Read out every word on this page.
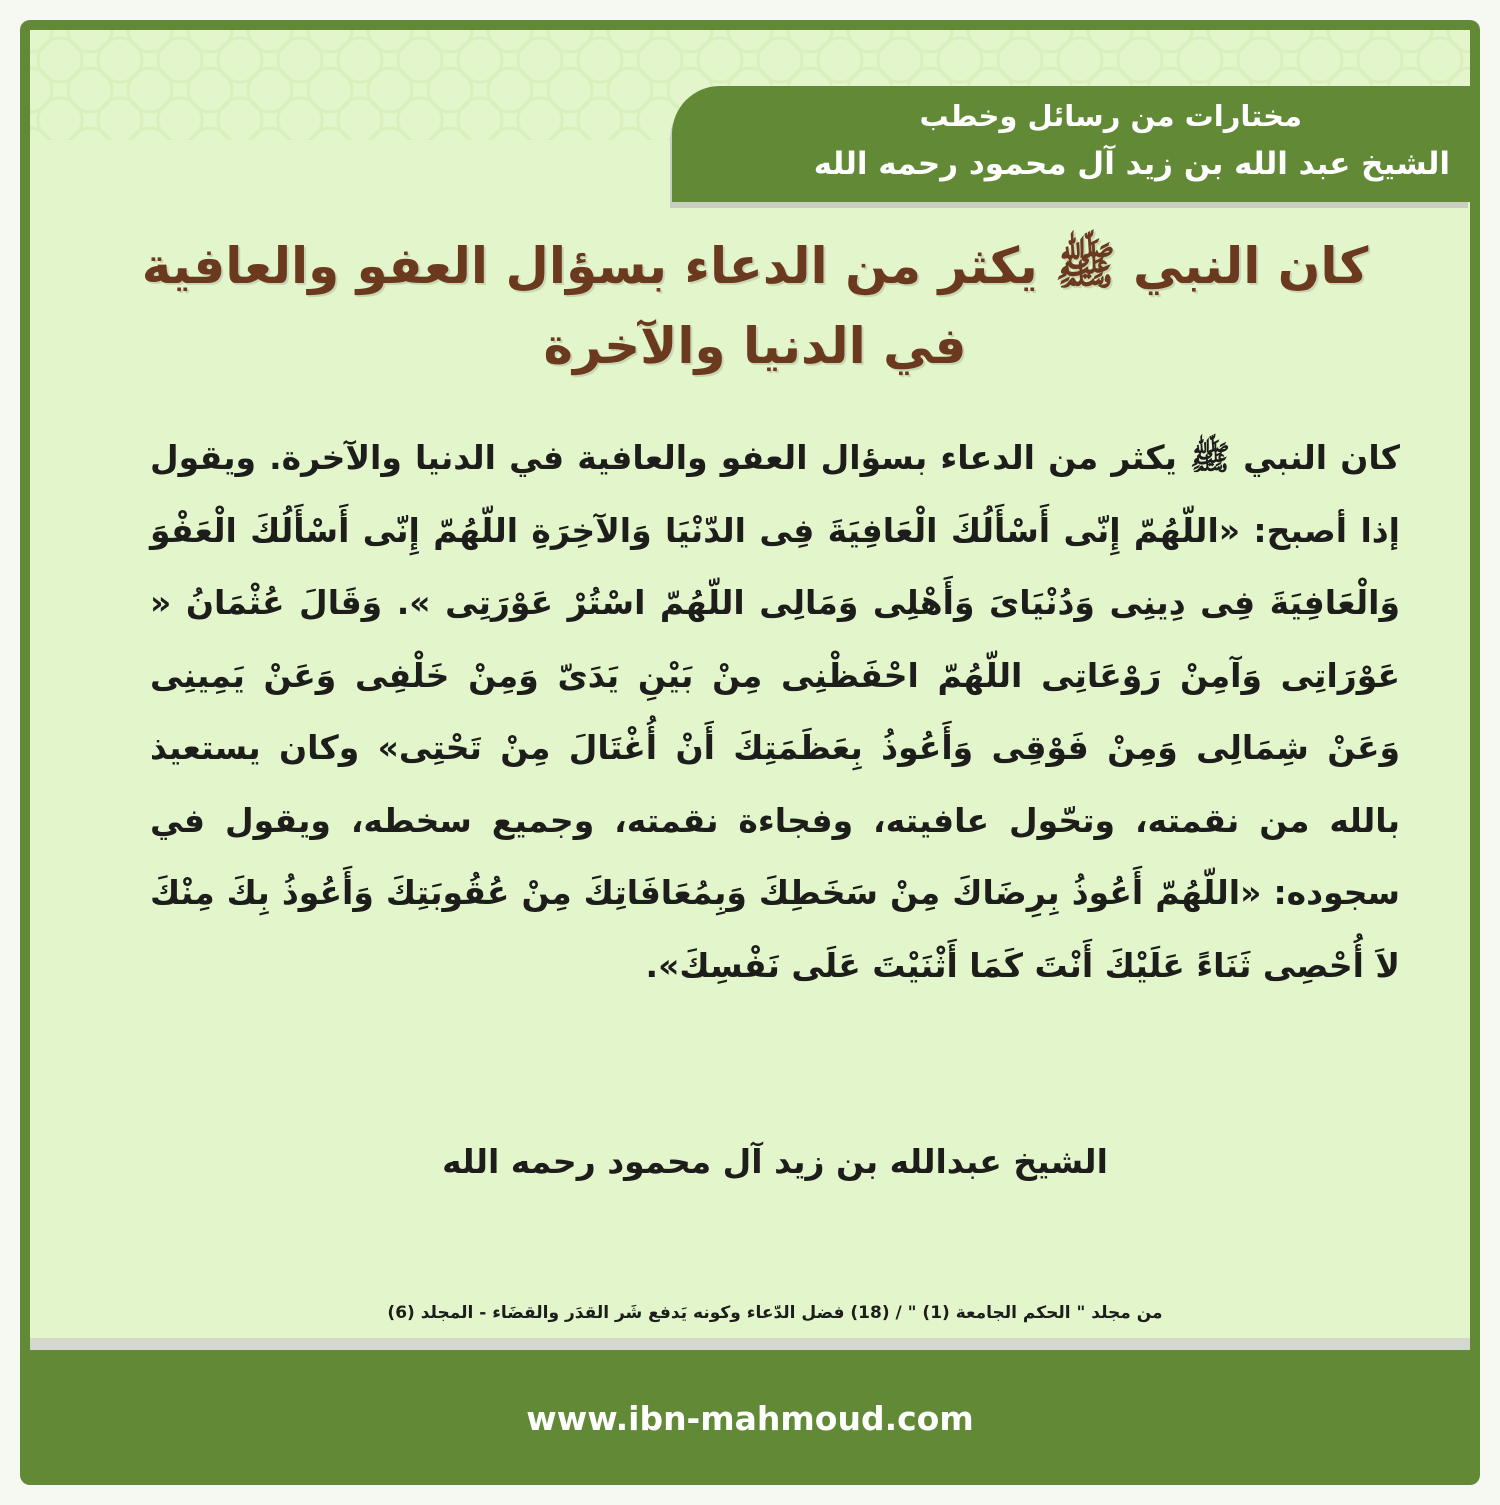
مختارات من رسائل وخطب
الشيخ عبد الله بن زيد آل محمود رحمه الله
كان النبي ﷺ يكثر من الدعاء بسؤال العفو والعافية في الدنيا والآخرة
كان النبي ﷺ يكثر من الدعاء بسؤال العفو والعافية في الدنيا والآخرة. ويقول إذا أصبح: «اللّهُمّ إِنّى أَسْأَلُكَ الْعَافِيَةَ فِى الدّنْيَا وَالآخِرَةِ اللّهُمّ إِنّى أَسْأَلُكَ الْعَفْوَ وَالْعَافِيَةَ فِى دِينِى وَدُنْيَاىَ وَأَهْلِى وَمَالِى اللّهُمّ اسْتُرْ عَوْرَتِى ». وَقَالَ عُثْمَانُ « عَوْرَاتِى وَآمِنْ رَوْعَاتِى اللّهُمّ احْفَظْنِى مِنْ بَيْنِ يَدَىّ وَمِنْ خَلْفِى وَعَنْ يَمِينِى وَعَنْ شِمَالِى وَمِنْ فَوْقِى وَأَعُوذُ بِعَظَمَتِكَ أَنْ أُغْتَالَ مِنْ تَحْتِى» وكان يستعيذ بالله من نقمته، وتحّول عافيته، وفجاءة نقمته، وجميع سخطه، ويقول في سجوده: «اللّهُمّ أَعُوذُ بِرِضَاكَ مِنْ سَخَطِكَ وَبِمُعَافَاتِكَ مِنْ عُقُوبَتِكَ وَأَعُوذُ بِكَ مِنْكَ لاَ أُحْصِى ثَنَاءً عَلَيْكَ أَنْتَ كَمَا أَثْنَيْتَ عَلَى نَفْسِكَ».
الشيخ عبدالله بن زيد آل محمود رحمه الله
من مجلد " الحكم الجامعة (1) " / (18) فضل الدّعاء وكونه يَدفع شَر القدَر والقضَاء - المجلد (6)
www.ibn-mahmoud.com
